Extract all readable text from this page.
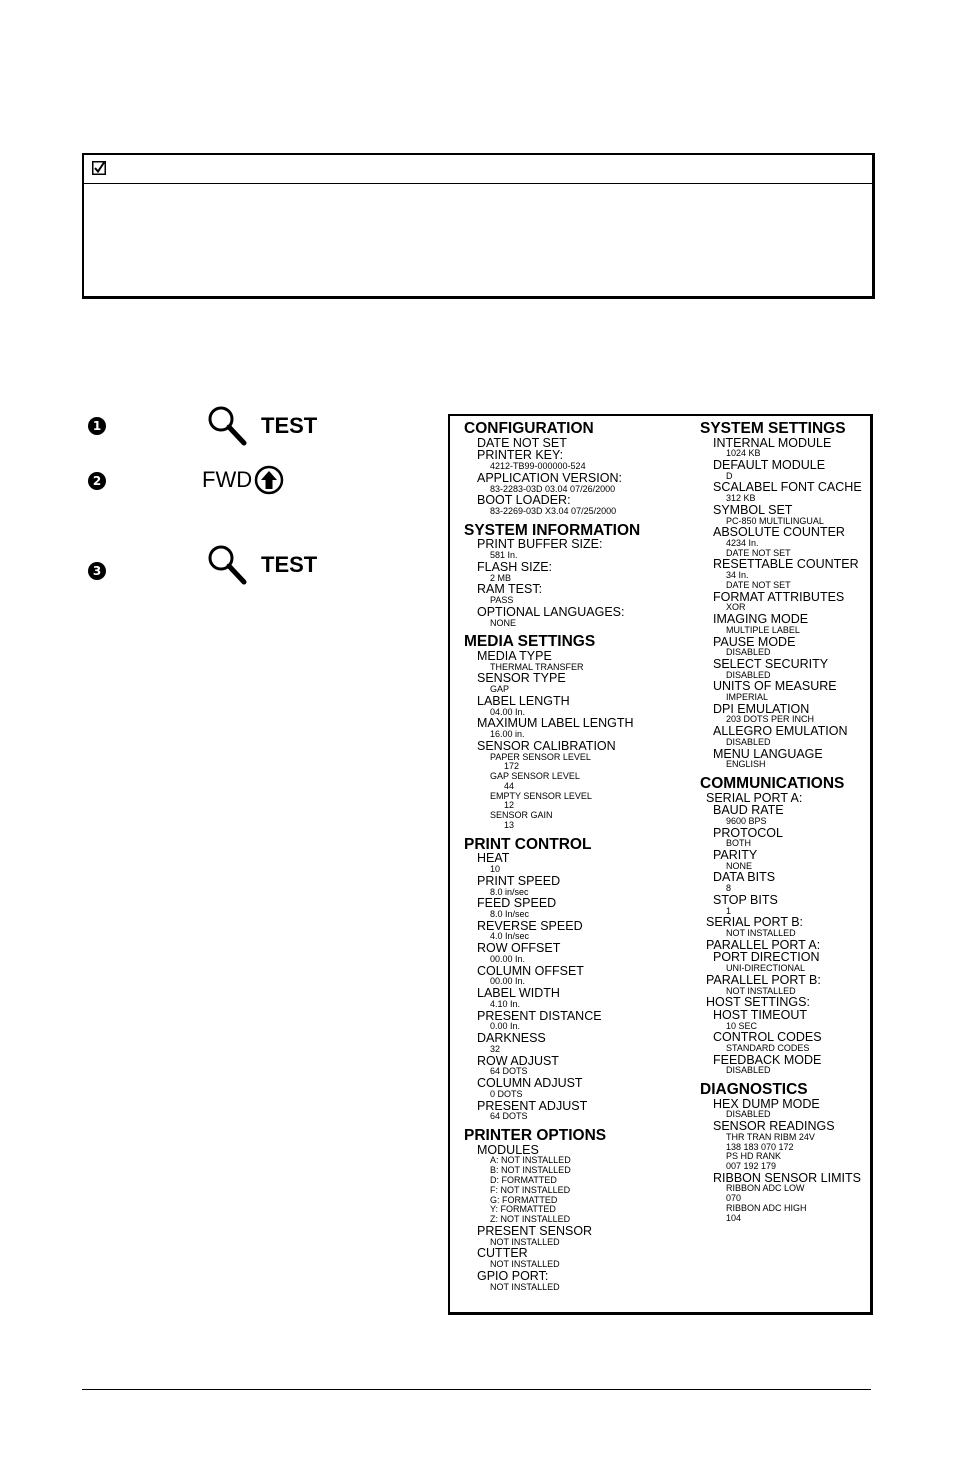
1	TEST
2	FWD
3	TEST
CONFIGURATION
DATE NOT SET
PRINTER KEY:
4212-TB99-000000-524
APPLICATION VERSION:
83-2283-03D 03.04 07/26/2000
BOOT LOADER:
83-2269-03D X3.04 07/25/2000
SYSTEM INFORMATION
PRINT BUFFER SIZE:
581 In.
FLASH SIZE:
2 MB
RAM TEST:
PASS
OPTIONAL LANGUAGES:
NONE
MEDIA SETTINGS
MEDIA TYPE
THERMAL TRANSFER
SENSOR TYPE
GAP
LABEL LENGTH
04.00 In.
MAXIMUM LABEL LENGTH
16.00 in.
SENSOR CALIBRATION
PAPER SENSOR LEVEL
172
GAP SENSOR LEVEL
44
EMPTY SENSOR LEVEL
12
SENSOR GAIN
13
PRINT CONTROL
HEAT
10
PRINT SPEED
8.0 in/sec
FEED SPEED
8.0 In/sec
REVERSE SPEED
4.0 In/sec
ROW OFFSET
00.00 In.
COLUMN OFFSET
00.00 In.
LABEL WIDTH
4.10 In.
PRESENT DISTANCE
0.00 In.
DARKNESS
32
ROW ADJUST
64 DOTS
COLUMN ADJUST
0 DOTS
PRESENT ADJUST
64 DOTS
PRINTER OPTIONS
MODULES
A: NOT INSTALLED
B: NOT INSTALLED
D: FORMATTED
F: NOT INSTALLED
G: FORMATTED
Y: FORMATTED
Z: NOT INSTALLED
PRESENT SENSOR
NOT INSTALLED
CUTTER
NOT INSTALLED
GPIO PORT:
NOT INSTALLED
SYSTEM SETTINGS
INTERNAL MODULE
1024 KB
DEFAULT MODULE
D
SCALABEL FONT CACHE
312 KB
SYMBOL SET
PC-850 MULTILINGUAL
ABSOLUTE COUNTER
4234 In.
DATE NOT SET
RESETTABLE COUNTER
34 In.
DATE NOT SET
FORMAT ATTRIBUTES
XOR
IMAGING MODE
MULTIPLE LABEL
PAUSE MODE
DISABLED
SELECT SECURITY
DISABLED
UNITS OF MEASURE
IMPERIAL
DPI EMULATION
203 DOTS PER INCH
ALLEGRO EMULATION
DISABLED
MENU LANGUAGE
ENGLISH
COMMUNICATIONS
SERIAL PORT A:
BAUD RATE
9600 BPS
PROTOCOL
BOTH
PARITY
NONE
DATA BITS
8
STOP BITS
1
SERIAL PORT B:
NOT INSTALLED
PARALLEL PORT A:
PORT DIRECTION
UNI-DIRECTIONAL
PARALLEL PORT B:
NOT INSTALLED
HOST SETTINGS:
HOST TIMEOUT
10 SEC
CONTROL CODES
STANDARD CODES
FEEDBACK MODE
DISABLED
DIAGNOSTICS
HEX DUMP MODE
DISABLED
SENSOR READINGS
THR TRAN RIBM 24V
138 183 070 172
PS HD RANK
007 192 179
RIBBON SENSOR LIMITS
RIBBON ADC LOW
070
RIBBON ADC HIGH
104
